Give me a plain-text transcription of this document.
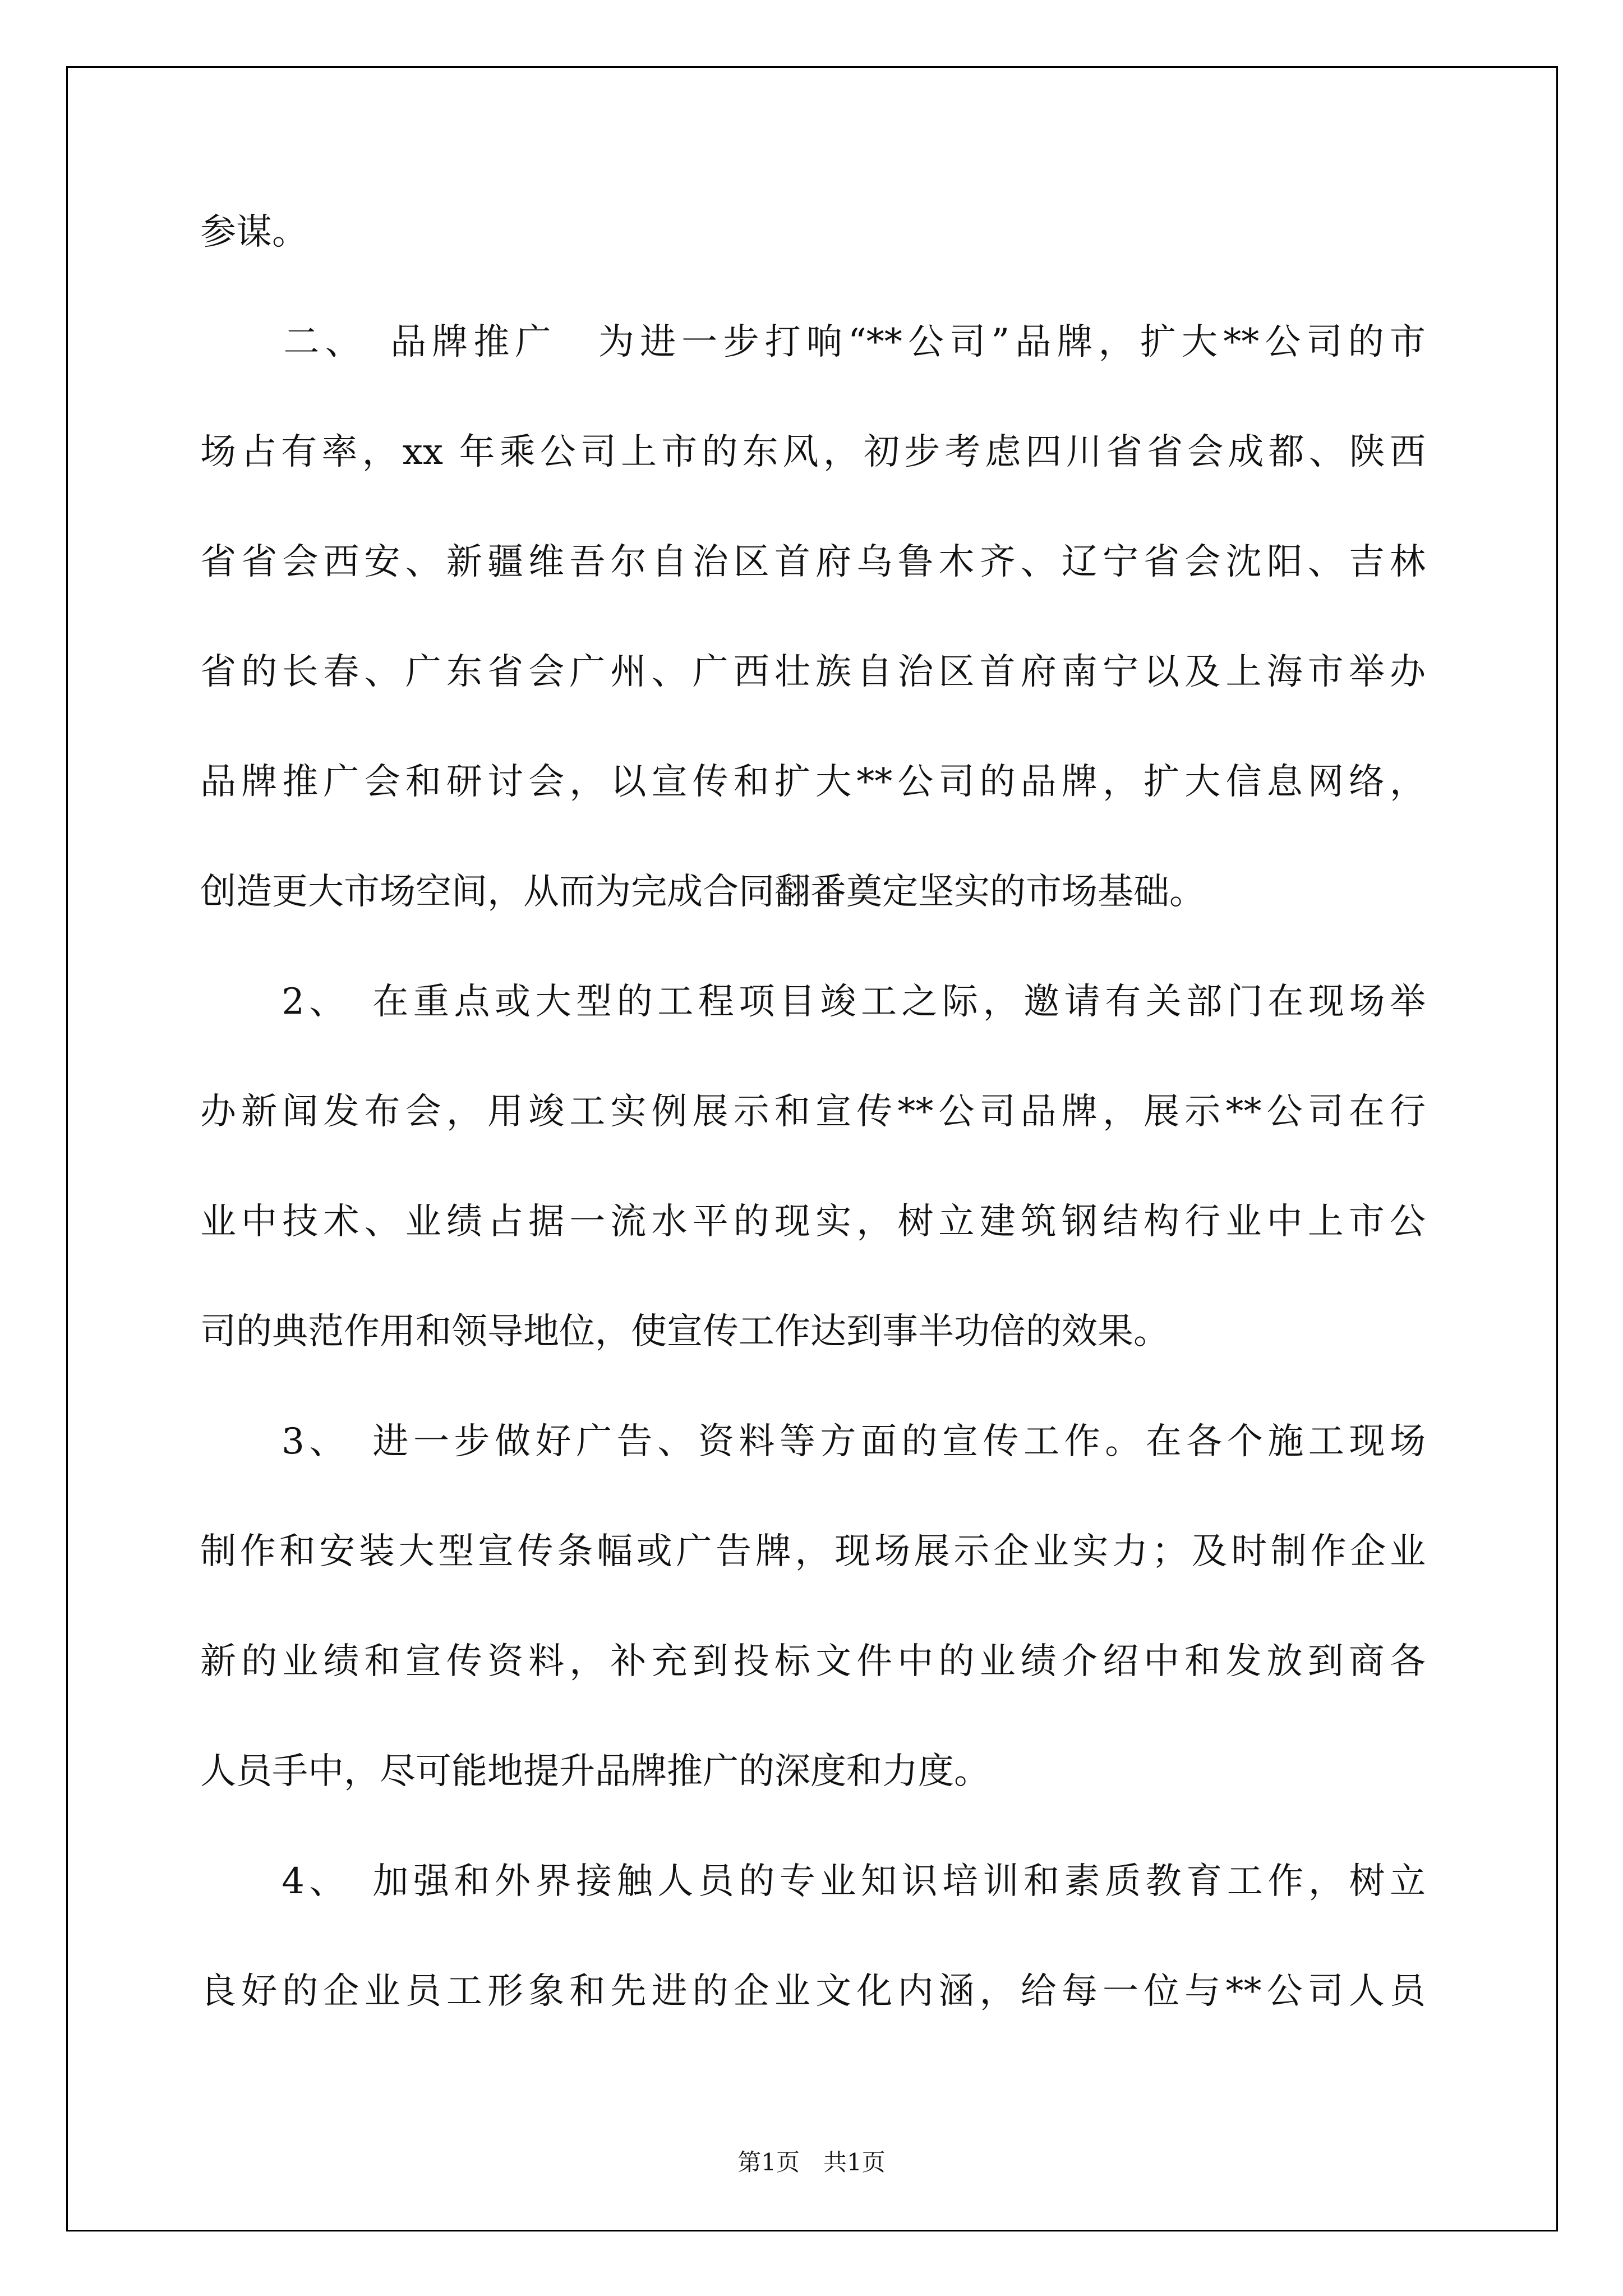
参谋。
　　二、　品牌推广　为进一步打响“**公司”品牌，扩大**公司的市
场占有率，xx 年乘公司上市的东风，初步考虑四川省省会成都、陕西
省省会西安、新疆维吾尔自治区首府乌鲁木齐、辽宁省会沈阳、吉林
省的长春、广东省会广州、广西壮族自治区首府南宁以及上海市举办
品牌推广会和研讨会，以宣传和扩大**公司的品牌，扩大信息网络，
创造更大市场空间，从而为完成合同翻番奠定坚实的市场基础。
　　2、　在重点或大型的工程项目竣工之际，邀请有关部门在现场举
办新闻发布会，用竣工实例展示和宣传**公司品牌，展示**公司在行
业中技术、业绩占据一流水平的现实，树立建筑钢结构行业中上市公
司的典范作用和领导地位，使宣传工作达到事半功倍的效果。
　　3、　进一步做好广告、资料等方面的宣传工作。在各个施工现场
制作和安装大型宣传条幅或广告牌，现场展示企业实力；及时制作企业
新的业绩和宣传资料，补充到投标文件中的业绩介绍中和发放到商各
人员手中，尽可能地提升品牌推广的深度和力度。
　　4、　加强和外界接触人员的专业知识培训和素质教育工作，树立
良好的企业员工形象和先进的企业文化内涵，给每一位与**公司人员
第1页　共1页
